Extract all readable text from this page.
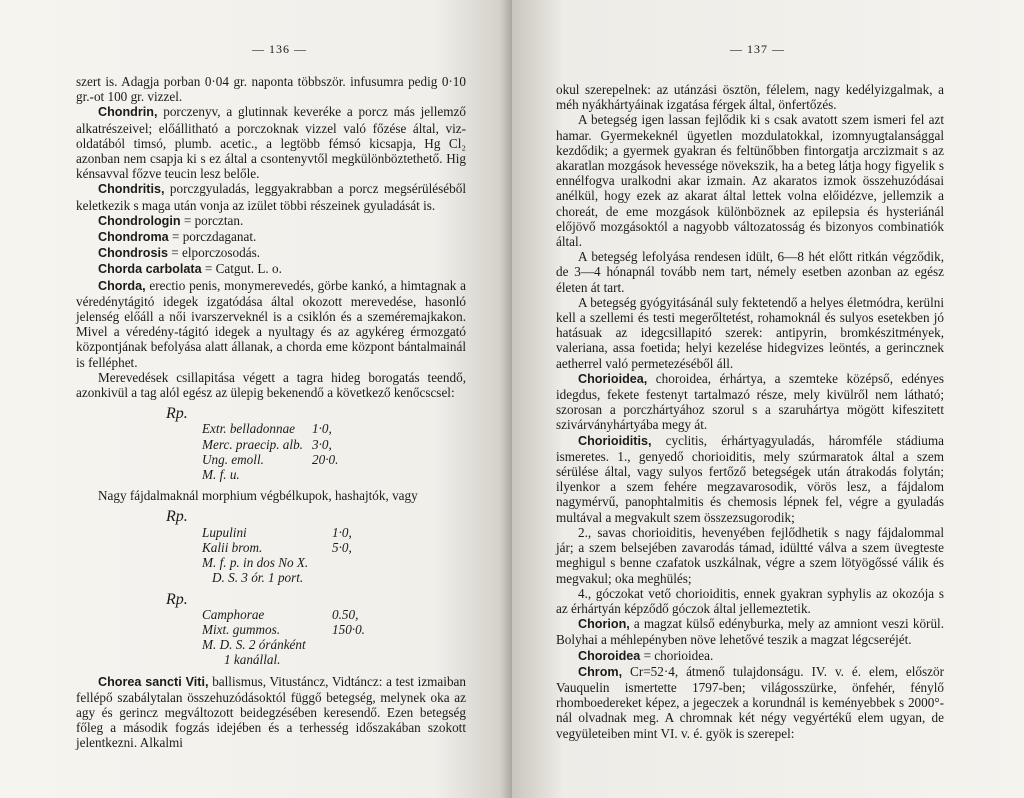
— 136 —

szert is. Adagja porban 0·04 gr. naponta többször. infusumra pedig 0·10 gr.-ot 100 gr. vizzel.

Chondrin, porczenyv, a glutinnak keveréke a porcz más jellemző alkatrészeivel; előállitható a porczoknak vizzel való főzése által, viz-oldatából timsó, plumb. acetic., a legtöbb fémsó kicsapja, Hg Cl₂ azonban nem csapja ki s ez által a csontenyvtől megkülönböztethető. Hig kénsavval főzve teucin lesz belőle.

Chondritis, porczgyuladás, leggyakrabban a porcz megsérüléséből keletkezik s maga után vonja az izület többi részeinek gyuladását is.

Chondrologin = porcztan.

Chondroma = porczdaganat.

Chondrosis = elporczosodás.

Chorda carbolata = Catgut. L. o.

Chorda, erectio penis, monymerevedés, görbe kankó, a himtagnak a véredénytágitó idegek izgatódása által okozott merevedése, hasonló jelenség előáll a női ivarszerveknél is a csiklón és a szeméremajkakon. Mivel a véredény-tágitó idegek a nyultagy és az agykéreg érmozgató központjának befolyása alatt állanak, a chorda eme központ bántalmainál is felléphet.

Merevedések csillapitása végett a tagra hideg borogatás teendő, azonkivül a tag alól egész az ülepig bekenendő a következő kenőcscsel:

Rp.
Extr. belladonnae	1·0,
Merc. praecip. alb. 3·0,
Ung. emoll.	20·0.
M. f. u.

Nagy fájdalmaknál morphium végbélkupok, hashajtók, vagy

Rp.
Lupulini	1·0,
Kalii brom.	5·0,
M. f. p. in dos No X.
D. S. 3 ór. 1 port.
Rp.
Camphorae	0.50,
Mixt. gummos.	150·0.
M. D. S. 2 óránként
1 kanállal.

Chorea sancti Viti, ballismus, Vitustáncz, Vidtáncz: a test izmaiban fellépő szabálytalan összehuzódásoktól függő betegség, melynek oka az agy és gerincz megváltozott beidegzésében keresendő. Ezen betegség főleg a második fogzás idejében és a terhesség időszakában szokott jelentkezni. Alkalmi

— 137 —

okul szerepelnek: az utánzási ösztön, félelem, nagy kedélyizgalmak, a méh nyákhártyáinak izgatása férgek által, önfertőzés.

A betegség igen lassan fejlődik ki s csak avatott szem ismeri fel azt hamar. Gyermekeknél ügyetlen mozdulatokkal, izomnyugtalansággal kezdődik; a gyermek gyakran és feltünőbben fintorgatja arczizmait s az akaratlan mozgások hevessége növekszik, ha a beteg látja hogy figyelik s ennélfogva uralkodni akar izmain. Az akaratos izmok összehuzódásai anélkül, hogy ezek az akarat által lettek volna előidézve, jellemzik a choreát, de eme mozgások különböznek az epilepsia és hysteriánál előjövő mozgásoktól a nagyobb változatosság és bizonyos combinatiók által.

A betegség lefolyása rendesen idült, 6—8 hét előtt ritkán végződik, de 3—4 hónapnál tovább nem tart, némely esetben azonban az egész életen át tart.

A betegség gyógyitásánál suly fektetendő a helyes életmódra, kerülni kell a szellemi és testi megerőltetést, rohamoknál és sulyos esetekben jó hatásuak az idegcsillapitó szerek: antipyrin, bromkészitmények, valeriana, assa foetida; helyi kezelése hidegvizes leöntés, a gerincznek aetherrel való permetezéséből áll.

Chorioidea, choroidea, érhártya, a szemteke középső, edényes idegdus, fekete festenyt tartalmazó része, mely kivülről nem látható; szorosan a porczhártyához szorul s a szaruhártya mögött kifeszitett szivárványhártyába megy át.

Chorioiditis, cyclitis, érhártyagyuladás, háromféle stádiuma ismeretes. 1., genyedő chorioiditis, mely szúrmaratok által a szem sérülése által, vagy sulyos fertőző betegségek után átrakodás folytán; ilyenkor a szem fehére megzavarosodik, vörös lesz, a fájdalom nagymérvű, panophtalmitis és chemosis lépnek fel, végre a gyuladás multával a megvakult szem összezsugorodik;

2., savas chorioiditis, hevenyében fejlődhetik s nagy fájdalommal jár; a szem belsejében zavarodás támad, idültté válva a szem üvegteste meghigul s benne czafatok uszkálnak, végre a szem lötyögőssé válik és megvakul; oka meghülés;

4., góczokat vető chorioiditis, ennek gyakran syphylis az okozója s az érhártyán képződő góczok által jellemeztetik.

Chorion, a magzat külső edényburka, mely az amniont veszi körül. Bolyhai a méhlepényben növe lehetővé teszik a magzat légcseréjét.

Choroidea = chorioidea.

Chrom, Cr=52·4, átmenő tulajdonságu. IV. v. é. elem, először Vauquelin ismertette 1797-ben; világosszürke, önfehér, fénylő rhomboedereket képez, a jegeczek a korundnál is keményebbek s 2000°-nál olvadnak meg. A chromnak két négy vegyértékű elem ugyan, de vegyületeiben mint VI. v. é. gyök is szerepel:
